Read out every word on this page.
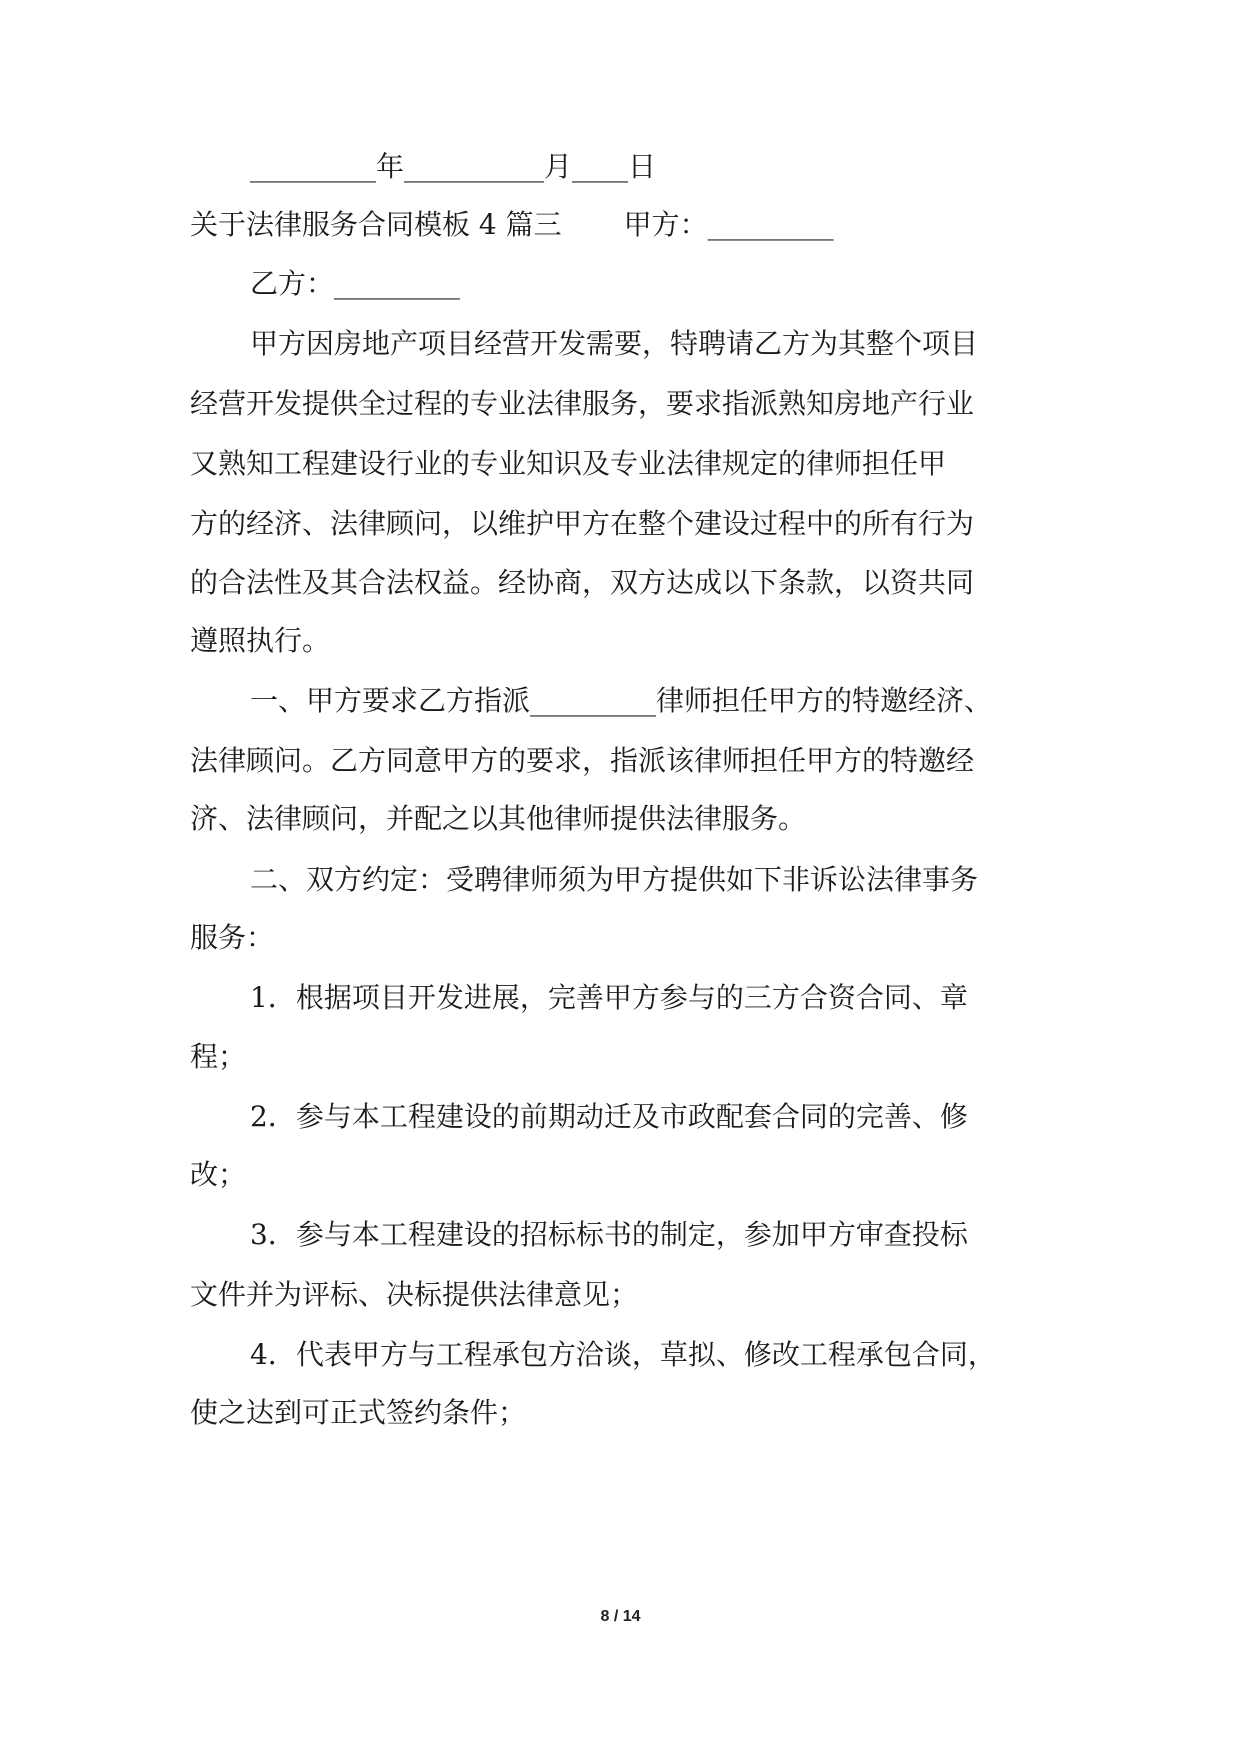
_________年__________月____日
关于法律服务合同模板 4 篇三 甲方：_________
乙方：_________
甲方因房地产项目经营开发需要，特聘请乙方为其整个项目
经营开发提供全过程的专业法律服务，要求指派熟知房地产行业
又熟知工程建设行业的专业知识及专业法律规定的律师担任甲
方的经济、法律顾问，以维护甲方在整个建设过程中的所有行为
的合法性及其合法权益。经协商，双方达成以下条款，以资共同
遵照执行。
一、甲方要求乙方指派_________律师担任甲方的特邀经济、
法律顾问。乙方同意甲方的要求，指派该律师担任甲方的特邀经
济、法律顾问，并配之以其他律师提供法律服务。
二、双方约定：受聘律师须为甲方提供如下非诉讼法律事务
服务：
1．根据项目开发进展，完善甲方参与的三方合资合同、章
程；
2．参与本工程建设的前期动迁及市政配套合同的完善、修
改；
3．参与本工程建设的招标标书的制定，参加甲方审查投标
文件并为评标、决标提供法律意见；
4．代表甲方与工程承包方洽谈，草拟、修改工程承包合同，
使之达到可正式签约条件；
8 / 14
